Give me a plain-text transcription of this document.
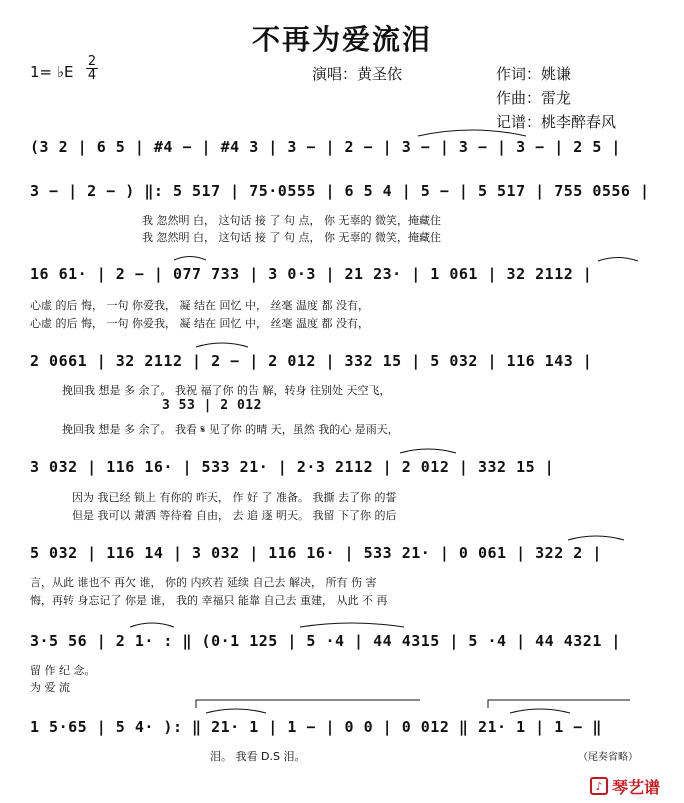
不再为爱流泪
1= ♭E $\frac{2}{4}$	演唱：黄圣依	作词：姚谦
作曲：雷龙
记谱：桃李醉春风
(3 2 | 6 5 | #4 − | #4 3 | 3 − | 2 − | 3 − | 3 − | 3 − | 2 5 |
3 − | 2 − ) ‖: 5 517 | 75·0555 | 6 5 4 | 5 − | 5 517 | 755 0556 |
我 忽然明 白， 这句话 接 了 句 点， 你 无辜的 微笑，掩藏住
我 忽然明 白， 这句话 接 了 句 点， 你 无辜的 微笑，掩藏住
16 61· | 2 − | 077 733 | 3 0·3 | 21 23· | 1 061 | 32 2112 |
心虚 的后 悔， 一句 你爱我， 凝 结在 回忆 中， 丝毫 温度 都 没有，
心虚 的后 悔， 一句 你爱我， 凝 结在 回忆 中， 丝毫 温度 都 没有，
2 0661 | 32 2112 | 2 − | 2 012 | 332 15 | 5 032 | 116 143 |
挽回我 想是 多 余了。 我祝 福了你 的告 解，转身 往别处 天空飞，
3 53 | 2 012
挽回我 想是 多 余了。 我看 𝄋 见了你 的晴 天，虽然 我的心 是雨天，
3 032 | 116 16· | 533 21· | 2·3 2112 | 2 012 | 332 15 |
因为 我已经 锁上 有你的 昨天， 作 好 了 准备。 我撕 去了你 的誓
但是 我可以 萧洒 等待着 自由， 去 追 逐 明天。 我留 下了你 的后
5 032 | 116 14 | 3 032 | 116 16· | 533 21· | 0 061 | 322 2 |
言，从此 谁也不 再欠 谁， 你的 内疚若 延续 自己去 解决， 所有 伤 害
悔，再转 身忘记了 你是 谁， 我的 幸福只 能靠 自己去 重建， 从此 不 再
3·5 56 | 2 1· : ‖ (0·1 125 | 5 ·4 | 44 4315 | 5 ·4 | 44 4321 |
留 作 纪 念。
为 爱 流
1 5·65 | 5 4· ): ‖ 21· 1 | 1 − | 0 0 | 0 012 ‖ 21· 1 | 1 − ‖
泪。 我看 D.S 泪。	（尾奏省略）
♪ 琴艺谱
